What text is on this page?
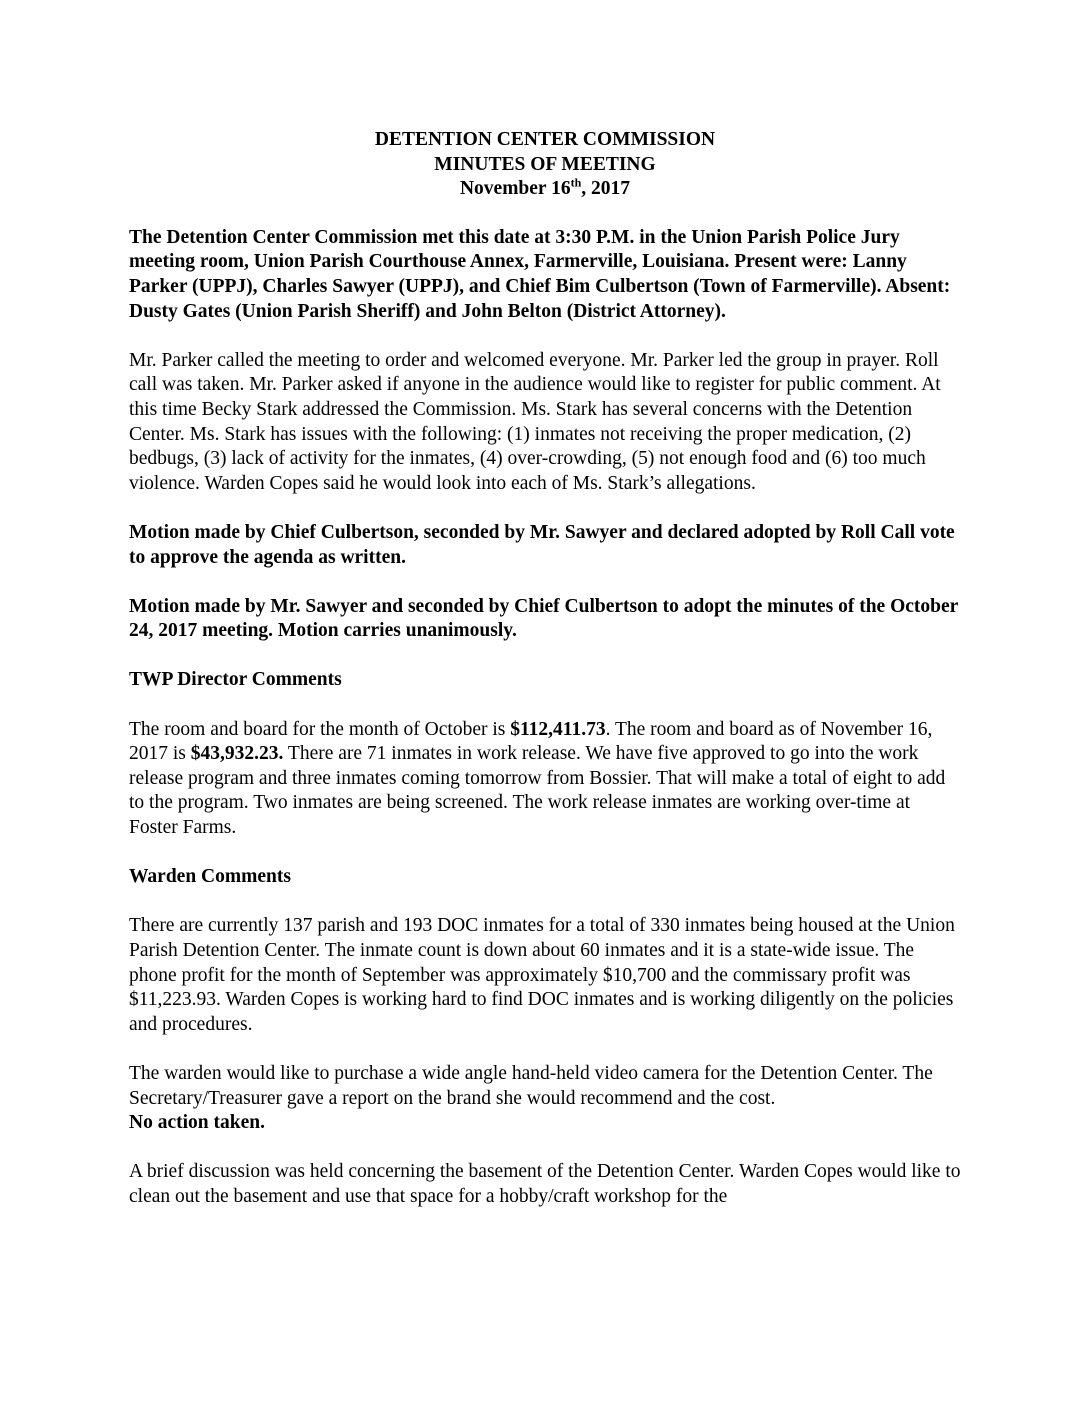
DETENTION CENTER COMMISSION
MINUTES OF MEETING
November 16th, 2017

The Detention Center Commission met this date at 3:30 P.M. in the Union Parish Police Jury meeting room, Union Parish Courthouse Annex, Farmerville, Louisiana. Present were: Lanny Parker (UPPJ), Charles Sawyer (UPPJ), and Chief Bim Culbertson (Town of Farmerville). Absent: Dusty Gates (Union Parish Sheriff) and John Belton (District Attorney).

Mr. Parker called the meeting to order and welcomed everyone. Mr. Parker led the group in prayer. Roll call was taken. Mr. Parker asked if anyone in the audience would like to register for public comment. At this time Becky Stark addressed the Commission. Ms. Stark has several concerns with the Detention Center. Ms. Stark has issues with the following: (1) inmates not receiving the proper medication, (2) bedbugs, (3) lack of activity for the inmates, (4) over-crowding, (5) not enough food and (6) too much violence. Warden Copes said he would look into each of Ms. Stark’s allegations.

Motion made by Chief Culbertson, seconded by Mr. Sawyer and declared adopted by Roll Call vote to approve the agenda as written.

Motion made by Mr. Sawyer and seconded by Chief Culbertson to adopt the minutes of the October 24, 2017 meeting. Motion carries unanimously.

TWP Director Comments

The room and board for the month of October is $112,411.73. The room and board as of November 16, 2017 is $43,932.23. There are 71 inmates in work release. We have five approved to go into the work release program and three inmates coming tomorrow from Bossier. That will make a total of eight to add to the program. Two inmates are being screened. The work release inmates are working over-time at Foster Farms.

Warden Comments

There are currently 137 parish and 193 DOC inmates for a total of 330 inmates being housed at the Union Parish Detention Center. The inmate count is down about 60 inmates and it is a state-wide issue. The phone profit for the month of September was approximately $10,700 and the commissary profit was $11,223.93. Warden Copes is working hard to find DOC inmates and is working diligently on the policies and procedures.

The warden would like to purchase a wide angle hand-held video camera for the Detention Center. The Secretary/Treasurer gave a report on the brand she would recommend and the cost.
No action taken.

A brief discussion was held concerning the basement of the Detention Center. Warden Copes would like to clean out the basement and use that space for a hobby/craft workshop for the
